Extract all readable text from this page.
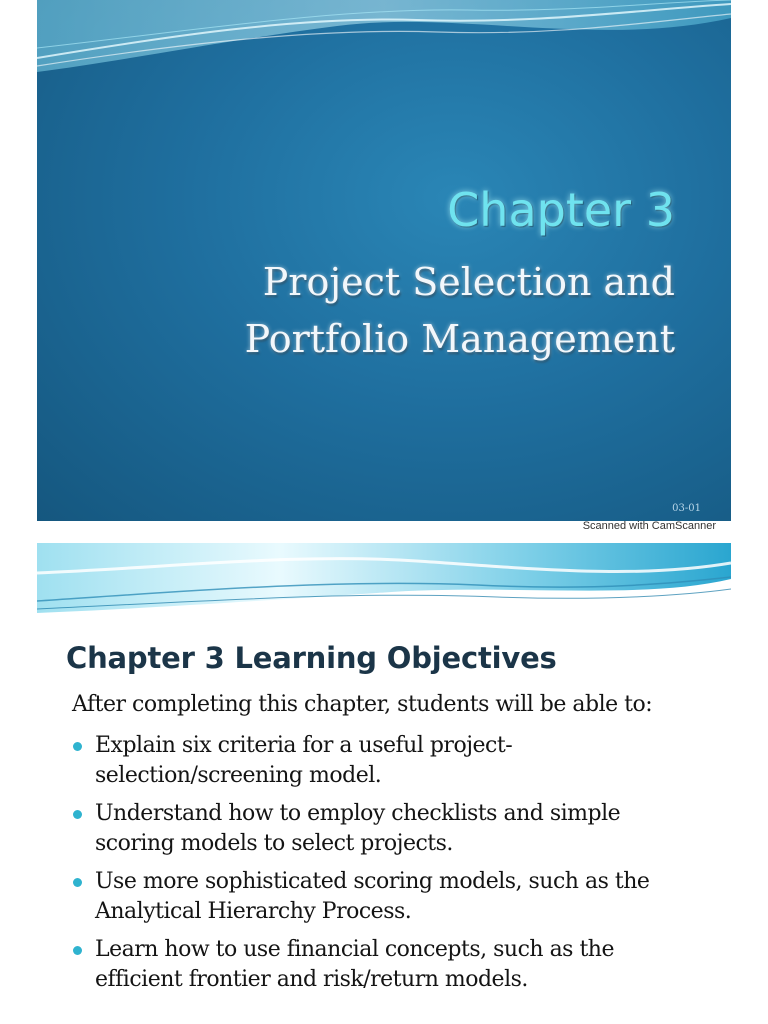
Chapter 3
Project Selection and
Portfolio Management
03-01
Scanned with CamScanner
Chapter 3 Learning Objectives
After completing this chapter, students will be able to:
Explain six criteria for a useful project-
selection/screening model.
Understand how to employ checklists and simple
scoring models to select projects.
Use more sophisticated scoring models, such as the
Analytical Hierarchy Process.
Learn how to use financial concepts, such as the
efficient frontier and risk/return models.
